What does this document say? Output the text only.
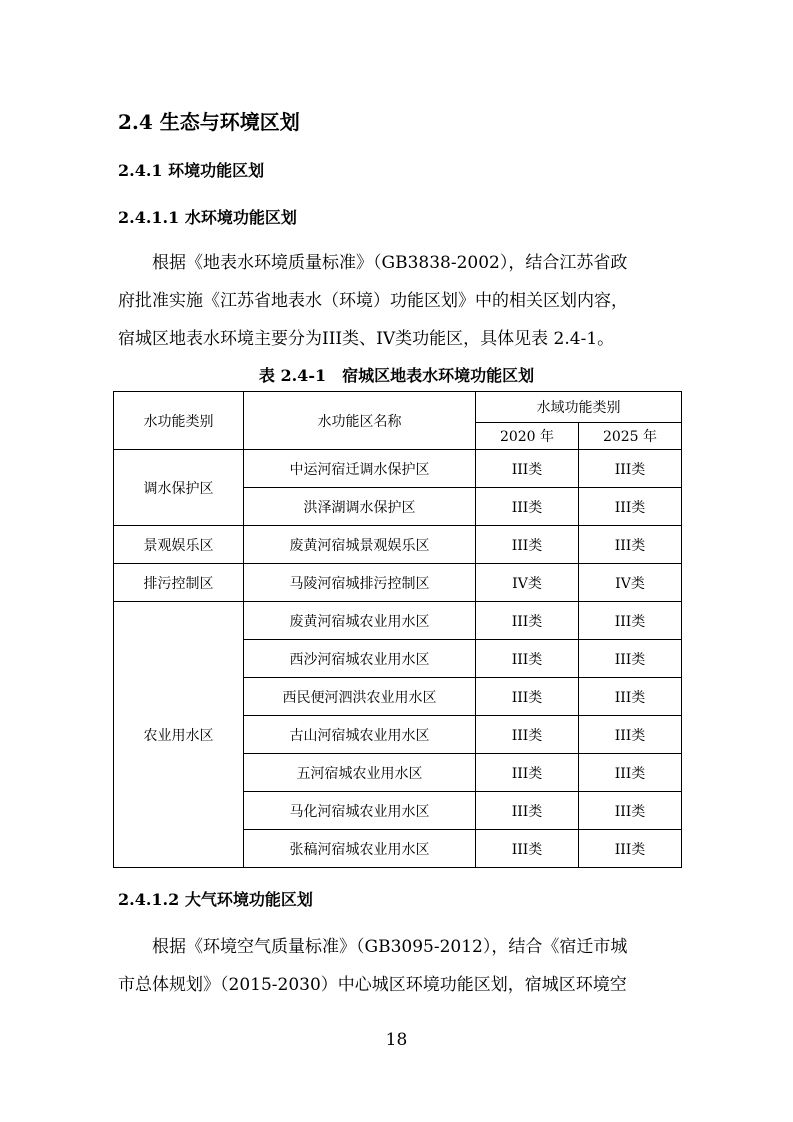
2.4 生态与环境区划
2.4.1 环境功能区划
2.4.1.1 水环境功能区划

根据《地表水环境质量标准》（GB3838-2002），结合江苏省政
府批准实施《江苏省地表水（环境）功能区划》中的相关区划内容，
宿城区地表水环境主要分为III类、IV类功能区，具体见表 2.4-1。

表 2.4-1　宿城区地表水环境功能区划

水功能类别	水功能区名称	水域功能类别	
		2020 年	2025 年
调水保护区	中运河宿迁调水保护区	III类	III类
	洪泽湖调水保护区	III类	III类
景观娱乐区	废黄河宿城景观娱乐区	III类	III类
排污控制区	马陵河宿城排污控制区	IV类	IV类
农业用水区	废黄河宿城农业用水区	III类	III类
	西沙河宿城农业用水区	III类	III类
	西民便河泗洪农业用水区	III类	III类
	古山河宿城农业用水区	III类	III类
	五河宿城农业用水区	III类	III类
	马化河宿城农业用水区	III类	III类
	张稿河宿城农业用水区	III类	III类
2.4.1.2 大气环境功能区划

根据《环境空气质量标准》（GB3095-2012），结合《宿迁市城
市总体规划》（2015-2030）中心城区环境功能区划，宿城区环境空

18
